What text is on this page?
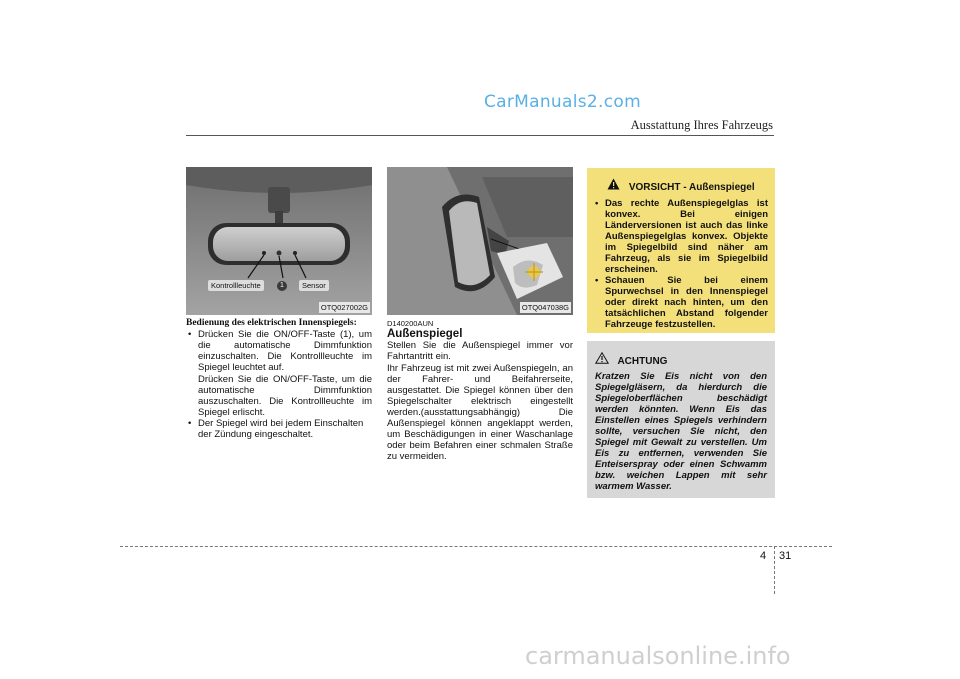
CarManuals2.com
Ausstattung Ihres Fahrzeugs
Kontrollleuchte	1	Sensor
OTQ027002G
Bedienung des elektrischen Innenspiegels:
• Drücken Sie die ON/OFF-Taste (1), um die automatische Dimmfunktion einzuschalten. Die Kontrollleuchte im Spiegel leuchtet auf.
Drücken Sie die ON/OFF-Taste, um die automatische Dimmfunktion auszuschalten. Die Kontrollleuchte im Spiegel erlischt.
• Der Spiegel wird bei jedem Einschalten der Zündung eingeschaltet.
OTQ047038G
D140200AUN
Außenspiegel
Stellen Sie die Außenspiegel immer vor Fahrtantritt ein.
Ihr Fahrzeug ist mit zwei Außenspiegeln, an der Fahrer- und Beifahrerseite, ausgestattet. Die Spiegel können über den Spiegelschalter elektrisch eingestellt werden.(ausstattungsabhängig) Die Außenspiegel können angeklappt werden, um Beschädigungen in einer Waschanlage oder beim Befahren einer schmalen Straße zu vermeiden.
VORSICHT - Außenspiegel
• Das rechte Außenspiegelglas ist konvex. Bei einigen Länderversionen ist auch das linke Außenspiegelglas konvex. Objekte im Spiegelbild sind näher am Fahrzeug, als sie im Spiegelbild erscheinen.
• Schauen Sie bei einem Spurwechsel in den Innenspiegel oder direkt nach hinten, um den tatsächlichen Abstand folgender Fahrzeuge festzustellen.
ACHTUNG
Kratzen Sie Eis nicht von den Spiegelgläsern, da hierdurch die Spiegeloberflächen beschädigt werden könnten. Wenn Eis das Einstellen eines Spiegels verhindern sollte, versuchen Sie nicht, den Spiegel mit Gewalt zu verstellen. Um Eis zu entfernen, verwenden Sie Enteiserspray oder einen Schwamm bzw. weichen Lappen mit sehr warmem Wasser.
4 31
carmanualsonline.info
